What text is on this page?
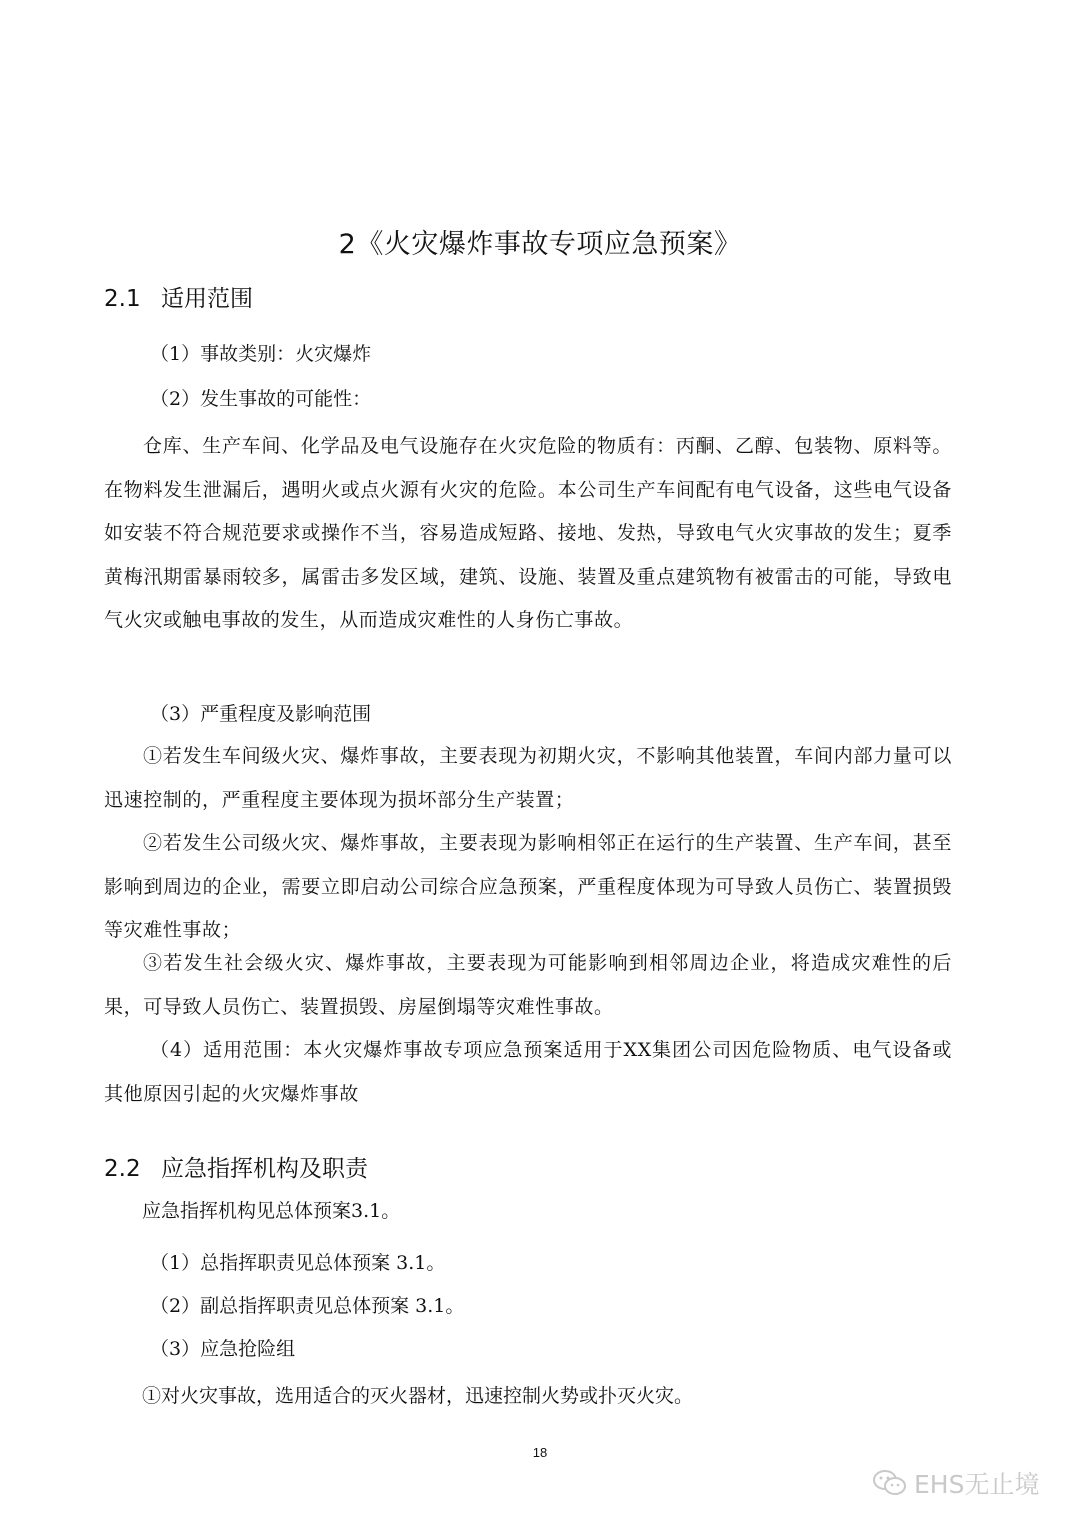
2《火灾爆炸事故专项应急预案》
2.1 适用范围
（1）事故类别：火灾爆炸
（2）发生事故的可能性：
仓库、生产车间、化学品及电气设施存在火灾危险的物质有：丙酮、乙醇、包装物、原料等。在物料发生泄漏后，遇明火或点火源有火灾的危险。本公司生产车间配有电气设备，这些电气设备如安装不符合规范要求或操作不当，容易造成短路、接地、发热，导致电气火灾事故的发生；夏季黄梅汛期雷暴雨较多，属雷击多发区域，建筑、设施、装置及重点建筑物有被雷击的可能，导致电气火灾或触电事故的发生，从而造成灾难性的人身伤亡事故。
（3）严重程度及影响范围
①若发生车间级火灾、爆炸事故，主要表现为初期火灾，不影响其他装置，车间内部力量可以迅速控制的，严重程度主要体现为损坏部分生产装置；
②若发生公司级火灾、爆炸事故，主要表现为影响相邻正在运行的生产装置、生产车间，甚至影响到周边的企业，需要立即启动公司综合应急预案，严重程度体现为可导致人员伤亡、装置损毁等灾难性事故；
③若发生社会级火灾、爆炸事故，主要表现为可能影响到相邻周边企业，将造成灾难性的后果，可导致人员伤亡、装置损毁、房屋倒塌等灾难性事故。
（4）适用范围：本火灾爆炸事故专项应急预案适用于XX集团公司因危险物质、电气设备或其他原因引起的火灾爆炸事故
2.2 应急指挥机构及职责
应急指挥机构见总体预案3.1。
（1）总指挥职责见总体预案 3.1。
（2）副总指挥职责见总体预案 3.1。
（3）应急抢险组
①对火灾事故，选用适合的灭火器材，迅速控制火势或扑灭火灾。
18
EHS无止境
